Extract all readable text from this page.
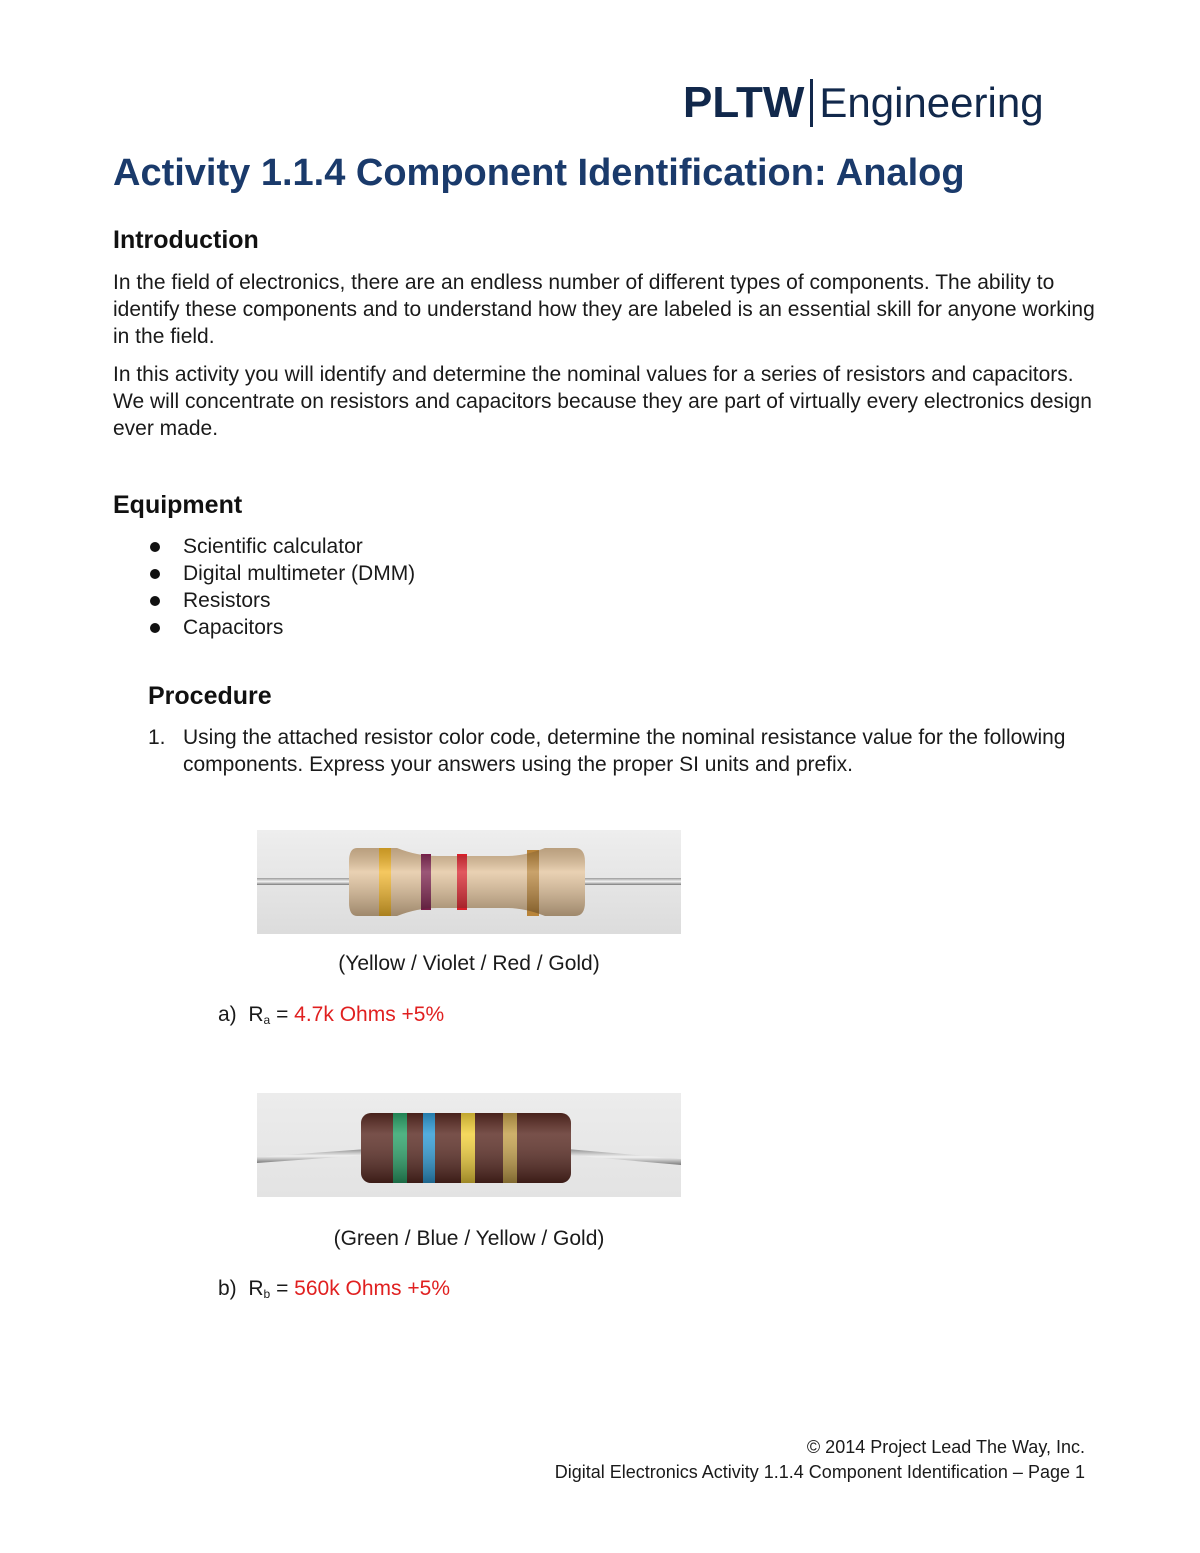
PLTW Engineering
Activity 1.1.4 Component Identification: Analog
Introduction

In the field of electronics, there are an endless number of different types of components. The ability to identify these components and to understand how they are labeled is an essential skill for anyone working in the field.

In this activity you will identify and determine the nominal values for a series of resistors and capacitors. We will concentrate on resistors and capacitors because they are part of virtually every electronics design ever made.

Equipment
Scientific calculator
Digital multimeter (DMM)
Resistors
Capacitors
Procedure
1. Using the attached resistor color code, determine the nominal resistance value for the following components. Express your answers using the proper SI units and prefix.
(Yellow / Violet / Red / Gold)
a) $R_a = 4.7k$ Ohms +5%
(Green / Blue / Yellow / Gold)
b) $R_b = 560k$ Ohms +5%
© 2014 Project Lead The Way, Inc.
Digital Electronics Activity 1.1.4 Component Identification – Page 1
